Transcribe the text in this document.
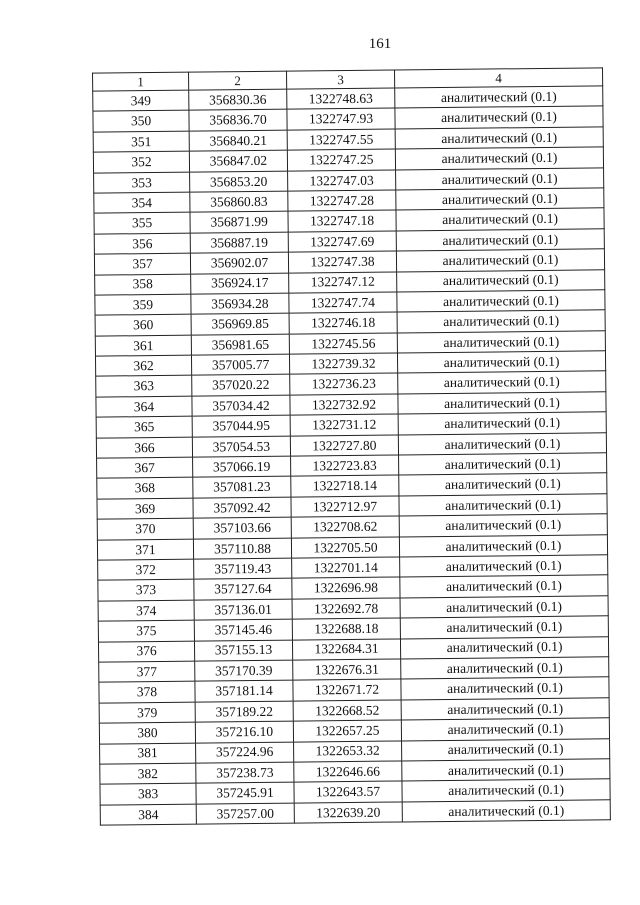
161
1	2	3	4
349	356830.36	1322748.63	аналитический (0.1)
350	356836.70	1322747.93	аналитический (0.1)
351	356840.21	1322747.55	аналитический (0.1)
352	356847.02	1322747.25	аналитический (0.1)
353	356853.20	1322747.03	аналитический (0.1)
354	356860.83	1322747.28	аналитический (0.1)
355	356871.99	1322747.18	аналитический (0.1)
356	356887.19	1322747.69	аналитический (0.1)
357	356902.07	1322747.38	аналитический (0.1)
358	356924.17	1322747.12	аналитический (0.1)
359	356934.28	1322747.74	аналитический (0.1)
360	356969.85	1322746.18	аналитический (0.1)
361	356981.65	1322745.56	аналитический (0.1)
362	357005.77	1322739.32	аналитический (0.1)
363	357020.22	1322736.23	аналитический (0.1)
364	357034.42	1322732.92	аналитический (0.1)
365	357044.95	1322731.12	аналитический (0.1)
366	357054.53	1322727.80	аналитический (0.1)
367	357066.19	1322723.83	аналитический (0.1)
368	357081.23	1322718.14	аналитический (0.1)
369	357092.42	1322712.97	аналитический (0.1)
370	357103.66	1322708.62	аналитический (0.1)
371	357110.88	1322705.50	аналитический (0.1)
372	357119.43	1322701.14	аналитический (0.1)
373	357127.64	1322696.98	аналитический (0.1)
374	357136.01	1322692.78	аналитический (0.1)
375	357145.46	1322688.18	аналитический (0.1)
376	357155.13	1322684.31	аналитический (0.1)
377	357170.39	1322676.31	аналитический (0.1)
378	357181.14	1322671.72	аналитический (0.1)
379	357189.22	1322668.52	аналитический (0.1)
380	357216.10	1322657.25	аналитический (0.1)
381	357224.96	1322653.32	аналитический (0.1)
382	357238.73	1322646.66	аналитический (0.1)
383	357245.91	1322643.57	аналитический (0.1)
384	357257.00	1322639.20	аналитический (0.1)
